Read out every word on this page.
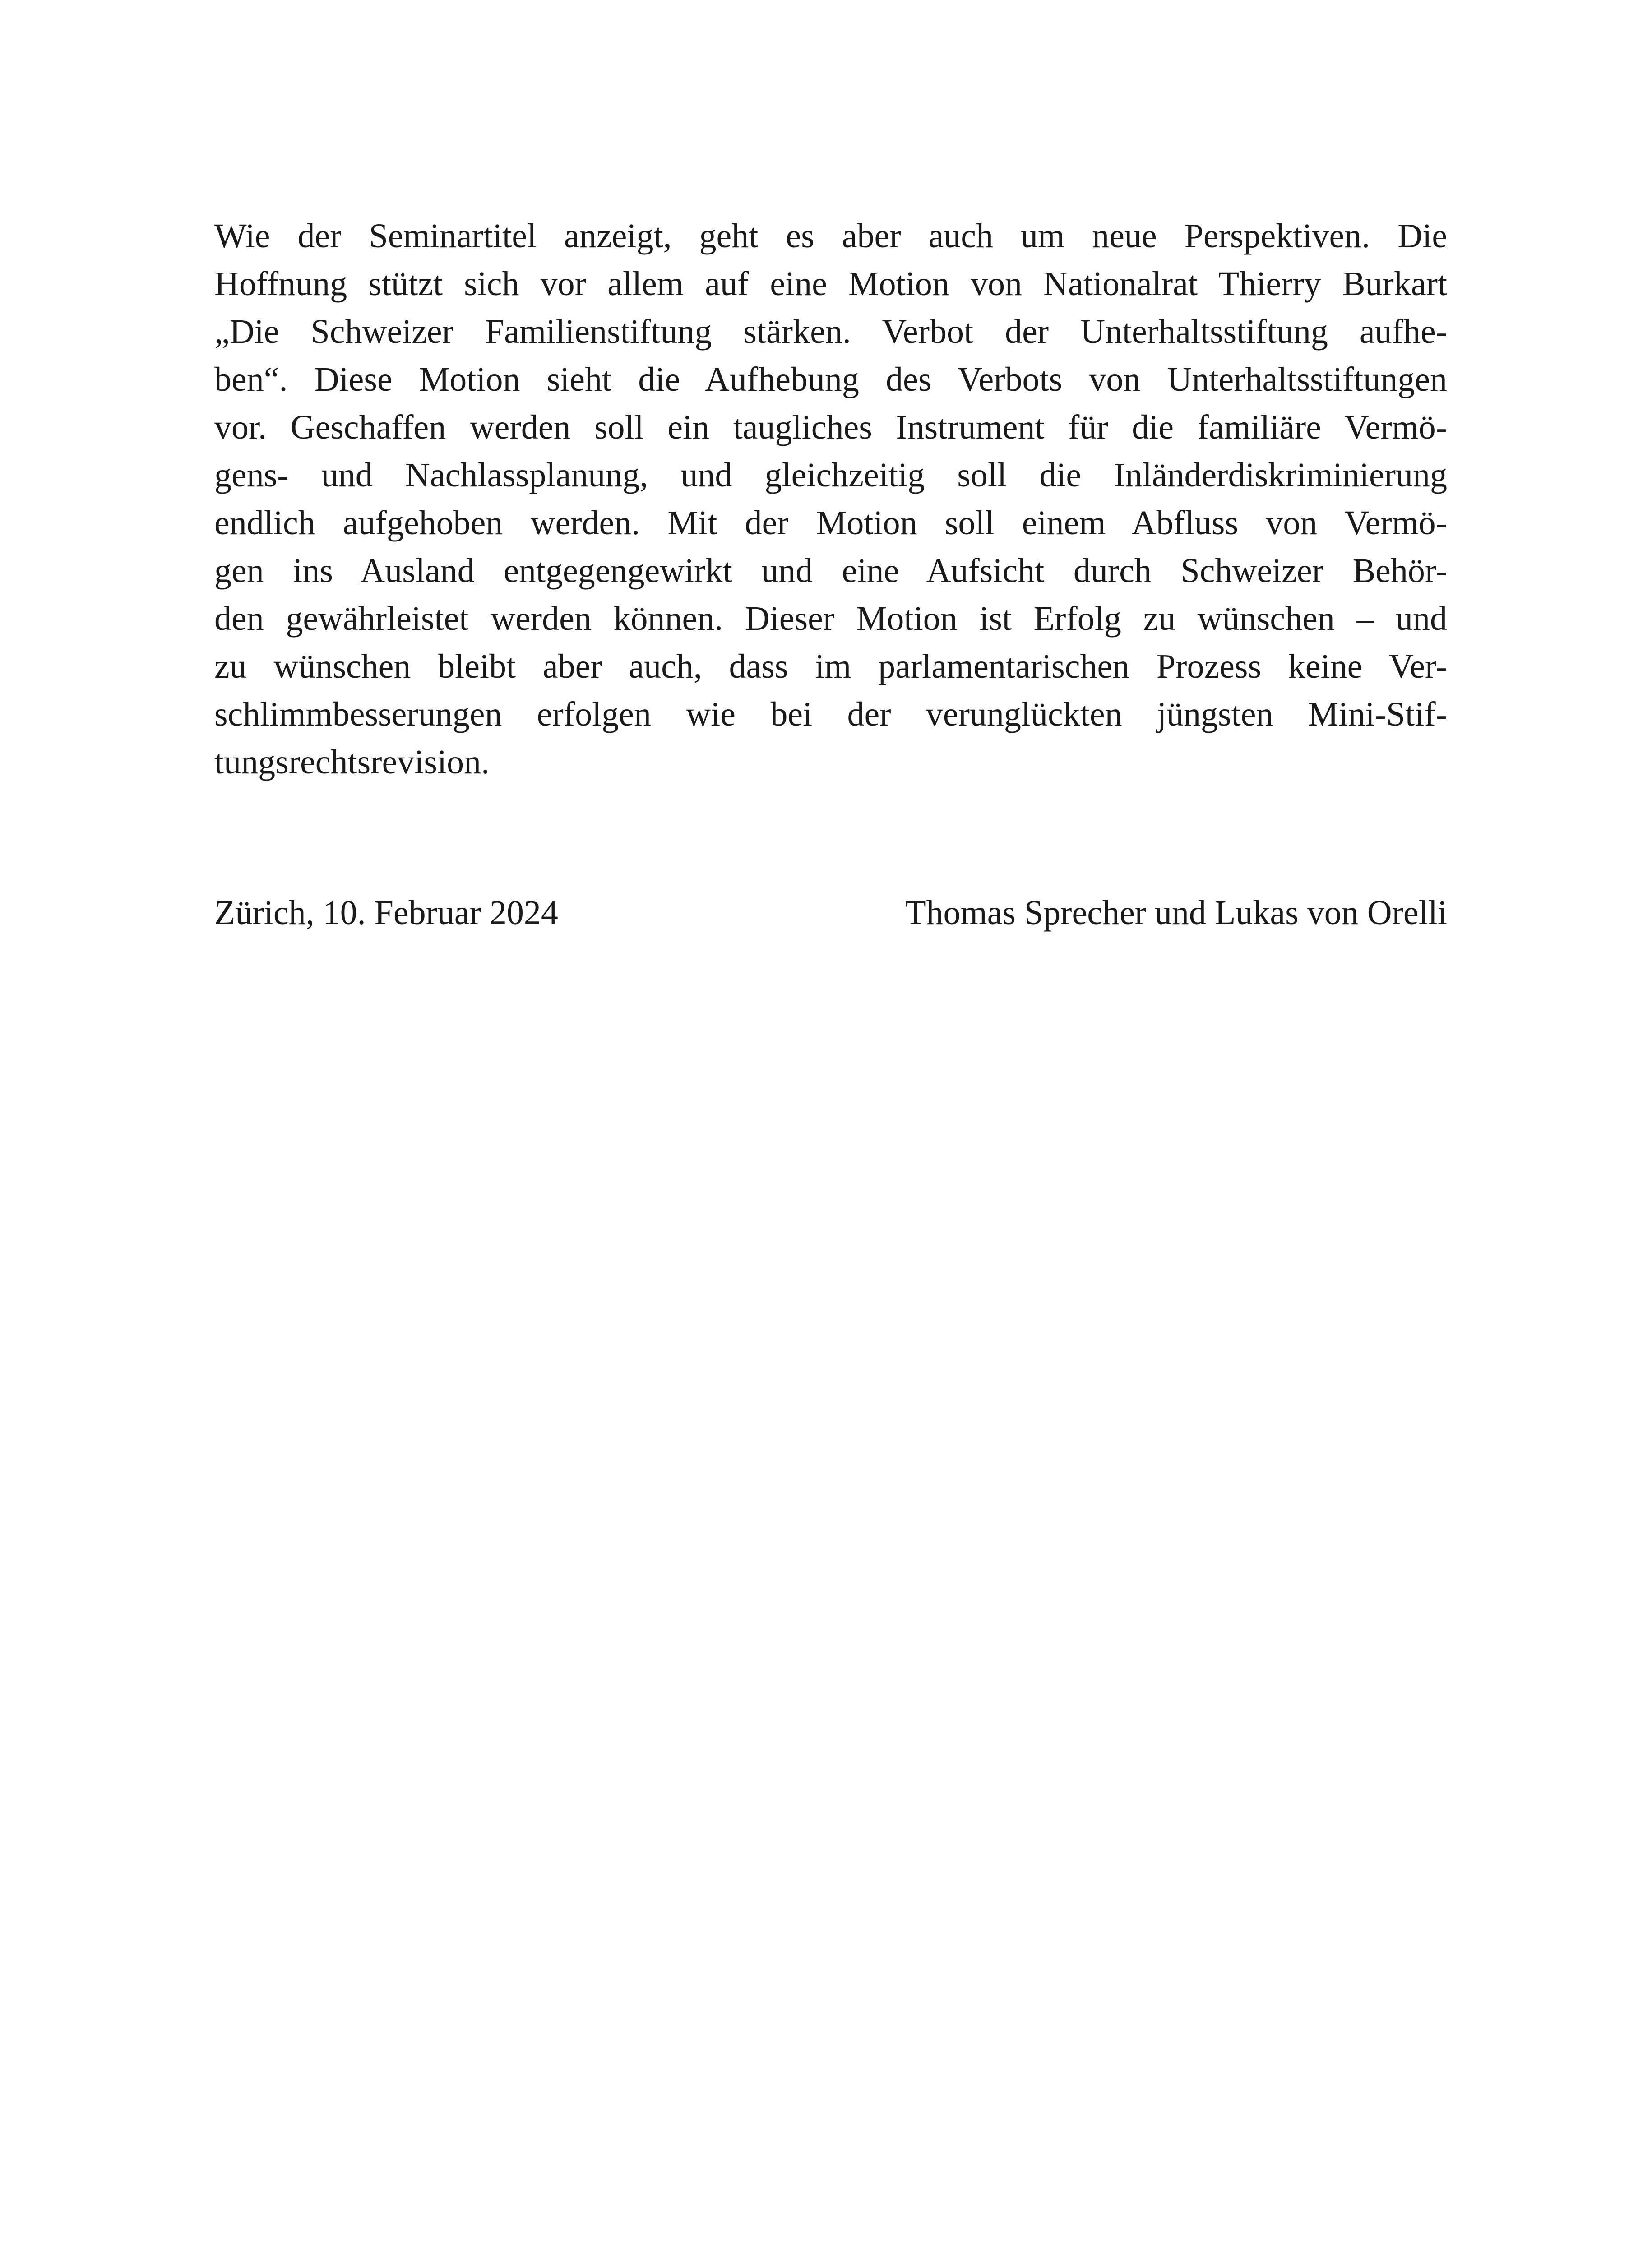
Wie der Seminartitel anzeigt, geht es aber auch um neue Perspektiven. Die
Hoffnung stützt sich vor allem auf eine Motion von Nationalrat Thierry Burkart
„Die Schweizer Familienstiftung stärken. Verbot der Unterhaltsstiftung aufhe-
ben“. Diese Motion sieht die Aufhebung des Verbots von Unterhaltsstiftungen
vor. Geschaffen werden soll ein taugliches Instrument für die familiäre Vermö-
gens- und Nachlassplanung, und gleichzeitig soll die Inländerdiskriminierung
endlich aufgehoben werden. Mit der Motion soll einem Abfluss von Vermö-
gen ins Ausland entgegengewirkt und eine Aufsicht durch Schweizer Behör-
den gewährleistet werden können. Dieser Motion ist Erfolg zu wünschen – und
zu wünschen bleibt aber auch, dass im parlamentarischen Prozess keine Ver-
schlimmbesserungen erfolgen wie bei der verunglückten jüngsten Mini-Stif-
tungsrechtsrevision.
Zürich, 10. Februar 2024	Thomas Sprecher und Lukas von Orelli
